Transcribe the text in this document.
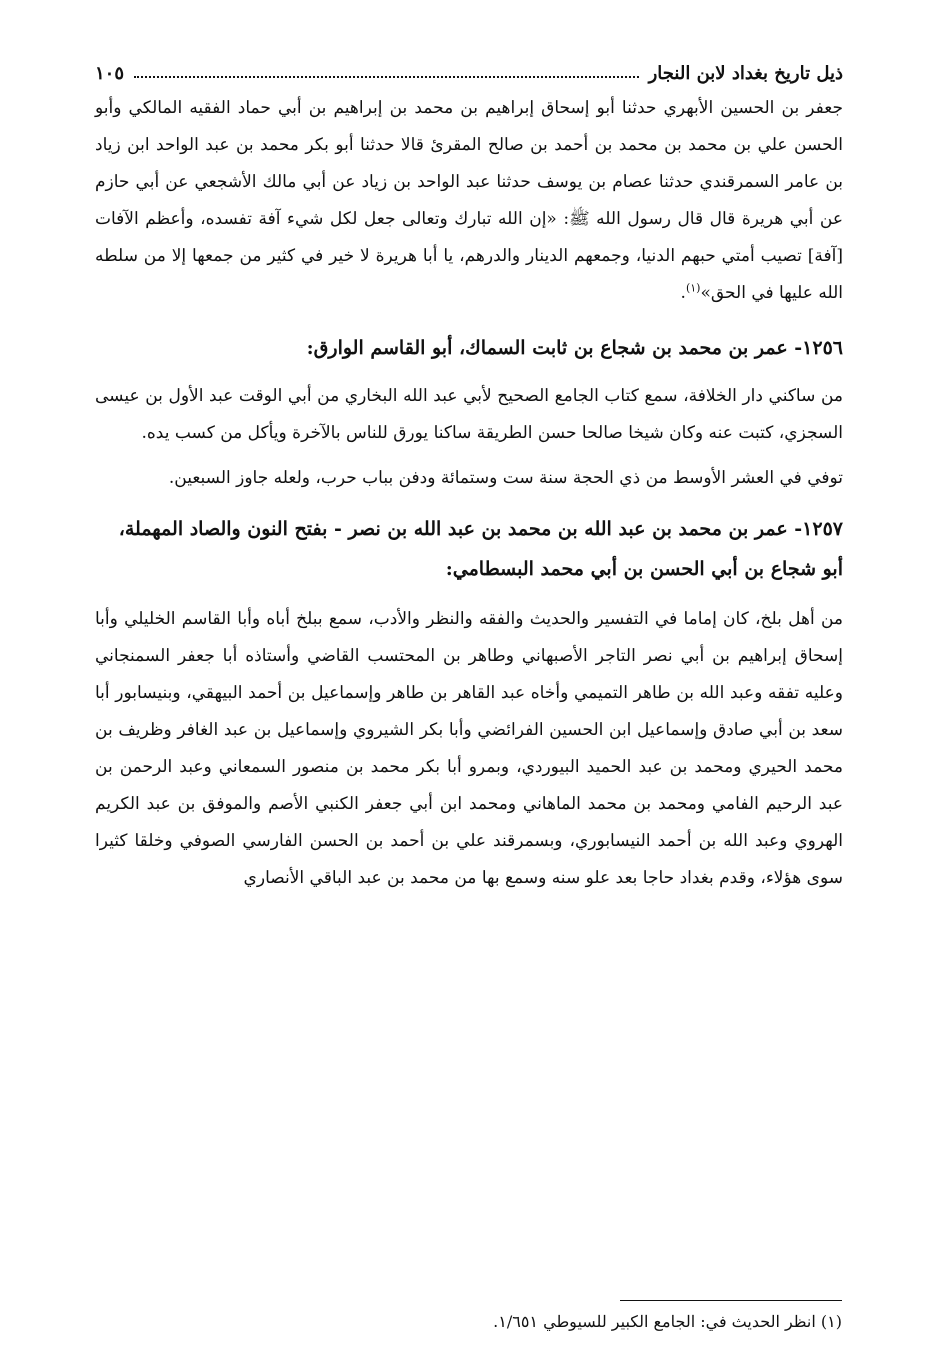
ذيل تاريخ بغداد لابن النجار
١٠٥

جعفر بن الحسين الأبهري حدثنا أبو إسحاق إبراهيم بن محمد بن إبراهيم بن أبي حماد الفقيه المالكي وأبو الحسن علي بن محمد بن محمد بن أحمد بن صالح المقرئ قالا حدثنا أبو بكر محمد بن عبد الواحد ابن زياد بن عامر السمرقندي حدثنا عصام بن يوسف حدثنا عبد الواحد بن زياد عن أبي مالك الأشجعي عن أبي حازم عن أبي هريرة قال قال رسول الله ﷺ: «إن الله تبارك وتعالى جعل لكل شيء آفة تفسده، وأعظم الآفات [آفة] تصيب أمتي حبهم الدنيا، وجمعهم الدينار والدرهم، يا أبا هريرة لا خير في كثير من جمعها إلا من سلطه الله عليها في الحق»$^{(١)}$.

١٢٥٦- عمر بن محمد بن شجاع بن ثابت السماك، أبو القاسم الوارق:

من ساكني دار الخلافة، سمع كتاب الجامع الصحيح لأبي عبد الله البخاري من أبي الوقت عبد الأول بن عيسى السجزي، كتبت عنه وكان شيخا صالحا حسن الطريقة ساكنا يورق للناس بالآخرة ويأكل من كسب يده.

توفي في العشر الأوسط من ذي الحجة سنة ست وستمائة ودفن بباب حرب، ولعله جاوز السبعين.

١٢٥٧- عمر بن محمد بن عبد الله بن محمد بن عبد الله بن نصر - بفتح النون والصاد المهملة، أبو شجاع بن أبي الحسن بن أبي محمد البسطامي:

من أهل بلخ، كان إماما في التفسير والحديث والفقه والنظر والأدب، سمع ببلخ أباه وأبا القاسم الخليلي وأبا إسحاق إبراهيم بن أبي نصر التاجر الأصبهاني وطاهر بن المحتسب القاضي وأستاذه أبا جعفر السمنجاني وعليه تفقه وعبد الله بن طاهر التميمي وأخاه عبد القاهر بن طاهر وإسماعيل بن أحمد البيهقي، وبنيسابور أبا سعد بن أبي صادق وإسماعيل ابن الحسين الفرائضي وأبا بكر الشيروي وإسماعيل بن عبد الغافر وظريف بن محمد الحيري ومحمد بن عبد الحميد البيوردي، وبمرو أبا بكر محمد بن منصور السمعاني وعبد الرحمن بن عبد الرحيم الفامي ومحمد بن محمد الماهاني ومحمد ابن أبي جعفر الكنبي الأصم والموفق بن عبد الكريم الهروي وعبد الله بن أحمد النيسابوري، وبسمرقند علي بن أحمد بن الحسن الفارسي الصوفي وخلقا كثيرا سوى هؤلاء، وقدم بغداد حاجا بعد علو سنه وسمع بها من محمد بن عبد الباقي الأنصاري

(١) انظر الحديث في: الجامع الكبير للسيوطي ١/٦٥١.
